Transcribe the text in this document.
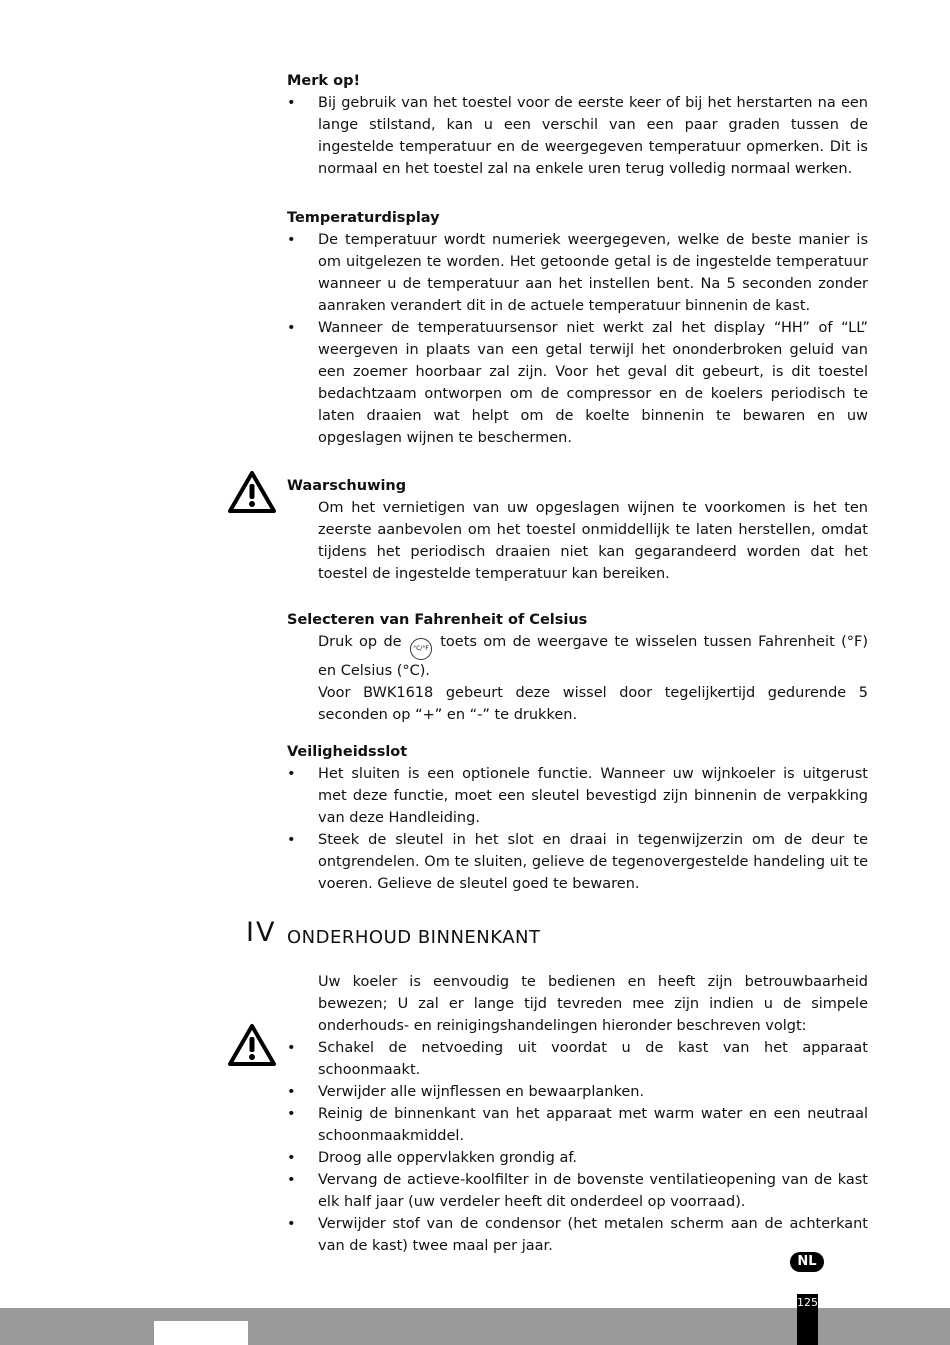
Merk op!
• Bij gebruik van het toestel voor de eerste keer of bij het herstarten na een lange stilstand, kan u een verschil van een paar graden tussen de ingestelde temperatuur en de weergegeven temperatuur opmerken. Dit is normaal en het toestel zal na enkele uren terug volledig normaal werken.
Temperaturdisplay
• De temperatuur wordt numeriek weergegeven, welke de beste manier is om uitgelezen te worden. Het getoonde getal is de ingestelde temperatuur wanneer u de temperatuur aan het instellen bent. Na 5 seconden zonder aanraken verandert dit in de actuele temperatuur binnenin de kast.
• Wanneer de temperatuursensor niet werkt zal het display “HH” of “LL” weergeven in plaats van een getal terwijl het ononderbroken geluid van een zoemer hoorbaar zal zijn. Voor het geval dit gebeurt, is dit toestel bedachtzaam ontworpen om de compressor en de koelers periodisch te laten draaien wat helpt om de koelte binnenin te bewaren en uw opgeslagen wijnen te beschermen.
Waarschuwing
Om het vernietigen van uw opgeslagen wijnen te voorkomen is het ten zeerste aanbevolen om het toestel onmiddellijk te laten herstellen, omdat tijdens het periodisch draaien niet kan gegarandeerd worden dat het toestel de ingestelde temperatuur kan bereiken.
Selecteren van Fahrenheit of Celsius
Druk op de °C/°F toets om de weergave te wisselen tussen Fahrenheit (°F) en Celsius (°C).
Voor BWK1618 gebeurt deze wissel door tegelijkertijd gedurende 5 seconden op “+” en “-” te drukken.
Veiligheidsslot
• Het sluiten is een optionele functie. Wanneer uw wijnkoeler is uitgerust met deze functie, moet een sleutel bevestigd zijn binnenin de verpakking van deze Handleiding.
• Steek de sleutel in het slot en draai in tegenwijzerzin om de deur te ontgrendelen. Om te sluiten, gelieve de tegenovergestelde handeling uit te voeren. Gelieve de sleutel goed te bewaren.
IV ONDERHOUD BINNENKANT
Uw koeler is eenvoudig te bedienen en heeft zijn betrouwbaarheid bewezen; U zal er lange tijd tevreden mee zijn indien u de simpele onderhouds- en reinigingshandelingen hieronder beschreven volgt:
• Schakel de netvoeding uit voordat u de kast van het apparaat schoonmaakt.
• Verwijder alle wijnflessen en bewaarplanken.
• Reinig de binnenkant van het apparaat met warm water en een neutraal schoonmaakmiddel.
• Droog alle oppervlakken grondig af.
• Vervang de actieve-koolfilter in de bovenste ventilatieopening van de kast elk half jaar (uw verdeler heeft dit onderdeel op voorraad).
• Verwijder stof van de condensor (het metalen scherm aan de achterkant van de kast) twee maal per jaar.
NL
125
